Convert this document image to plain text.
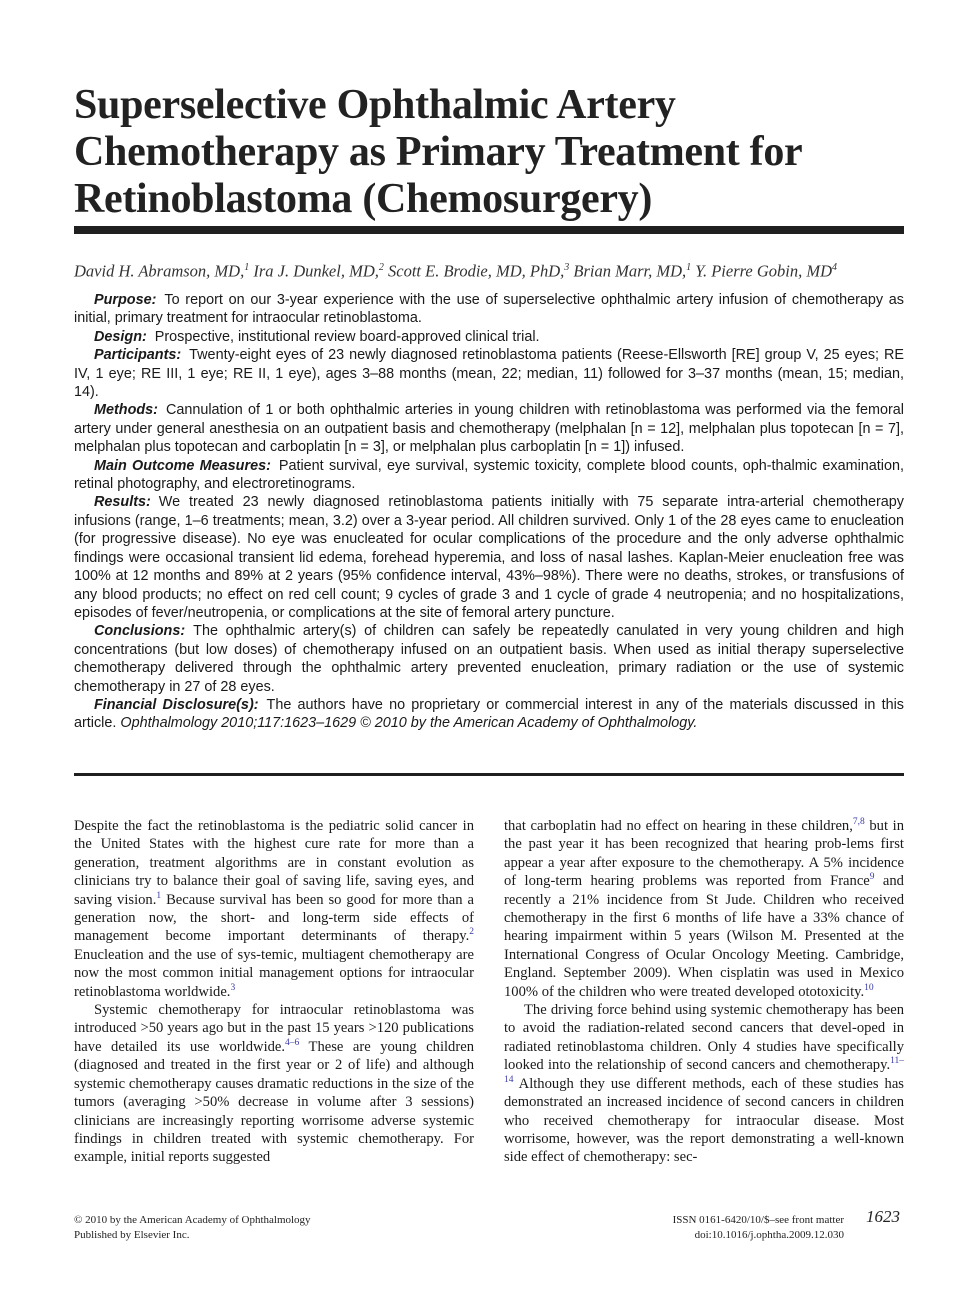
Superselective Ophthalmic Artery
Chemotherapy as Primary Treatment for
Retinoblastoma (Chemosurgery)
David H. Abramson, MD,$^1$ Ira J. Dunkel, MD,$^2$ Scott E. Brodie, MD, PhD,$^3$ Brian Marr, MD,$^1$ Y. Pierre Gobin, $MD^4$

Purpose: To report on our 3-year experience with the use of superselective ophthalmic artery infusion of chemotherapy as initial, primary treatment for intraocular retinoblastoma.

Design: Prospective, institutional review board-approved clinical trial.

Participants: Twenty-eight eyes of 23 newly diagnosed retinoblastoma patients (Reese-Ellsworth [RE] group V, 25 eyes; RE IV, 1 eye; RE III, 1 eye; RE II, 1 eye), ages 3–88 months (mean, 22; median, 11) followed for 3–37 months (mean, 15; median, 14).

Methods: Cannulation of 1 or both ophthalmic arteries in young children with retinoblastoma was performed via the femoral artery under general anesthesia on an outpatient basis and chemotherapy (melphalan [n = 12], melphalan plus topotecan [n = 7], melphalan plus topotecan and carboplatin [n = 3], or melphalan plus carboplatin [n = 1]) infused.

Main Outcome Measures: Patient survival, eye survival, systemic toxicity, complete blood counts, oph-thalmic examination, retinal photography, and electroretinograms.

Results: We treated 23 newly diagnosed retinoblastoma patients initially with 75 separate intra-arterial chemotherapy infusions (range, 1–6 treatments; mean, 3.2) over a 3-year period. All children survived. Only 1 of the 28 eyes came to enucleation (for progressive disease). No eye was enucleated for ocular complications of the procedure and the only adverse ophthalmic findings were occasional transient lid edema, forehead hyperemia, and loss of nasal lashes. Kaplan-Meier enucleation free was 100% at 12 months and 89% at 2 years (95% confidence interval, 43%–98%). There were no deaths, strokes, or transfusions of any blood products; no effect on red cell count; 9 cycles of grade 3 and 1 cycle of grade 4 neutropenia; and no hospitalizations, episodes of fever/neutropenia, or complications at the site of femoral artery puncture.

Conclusions: The ophthalmic artery(s) of children can safely be repeatedly canulated in very young children and high concentrations (but low doses) of chemotherapy infused on an outpatient basis. When used as initial therapy superselective chemotherapy delivered through the ophthalmic artery prevented enucleation, primary radiation or the use of systemic chemotherapy in 27 of 28 eyes.

Financial Disclosure(s): The authors have no proprietary or commercial interest in any of the materials discussed in this article. Ophthalmology 2010;117:1623–1629 © 2010 by the American Academy of Ophthalmology.

Despite the fact the retinoblastoma is the pediatric solid cancer in the United States with the highest cure rate for more than a generation, treatment algorithms are in constant evolution as clinicians try to balance their goal of saving life, saving eyes, and saving vision.$^1$ Because survival has been so good for more than a generation now, the short- and long-term side effects of management become important determinants of therapy.$^2$ Enucleation and the use of sys-temic, multiagent chemotherapy are now the most common initial management options for intraocular retinoblastoma worldwide.$^3$

Systemic chemotherapy for intraocular retinoblastoma was introduced >50 years ago but in the past 15 years >120 publications have detailed its use worldwide.$^{4-6}$ These are young children (diagnosed and treated in the first year or 2 of life) and although systemic chemotherapy causes dramatic reductions in the size of the tumors (averaging >50% decrease in volume after 3 sessions) clinicians are increasingly reporting worrisome adverse systemic findings in children treated with systemic chemotherapy. For example, initial reports suggested

that carboplatin had no effect on hearing in these children,$^{7,8}$ but in the past year it has been recognized that hearing prob-lems first appear a year after exposure to the chemotherapy. A 5% incidence of long-term hearing problems was reported from France$^9$ and recently a 21% incidence from St Jude. Children who received chemotherapy in the first 6 months of life have a 33% chance of hearing impairment within 5 years (Wilson M. Presented at the International Congress of Ocular Oncology Meeting. Cambridge, England. September 2009). When cisplatin was used in Mexico 100% of the children who were treated developed ototoxicity.$^{10}$

The driving force behind using systemic chemotherapy has been to avoid the radiation-related second cancers that devel-oped in radiated retinoblastoma children. Only 4 studies have specifically looked into the relationship of second cancers and chemotherapy.$^{11-14}$ Although they use different methods, each of these studies has demonstrated an increased incidence of second cancers in children who received chemotherapy for intraocular disease. Most worrisome, however, was the report demonstrating a well-known side effect of chemotherapy: sec-

© 2010 by the American Academy of Ophthalmology
Published by Elsevier Inc.
ISSN 0161-6420/10/$–see front matter
doi:10.1016/j.ophtha.2009.12.030
1623
